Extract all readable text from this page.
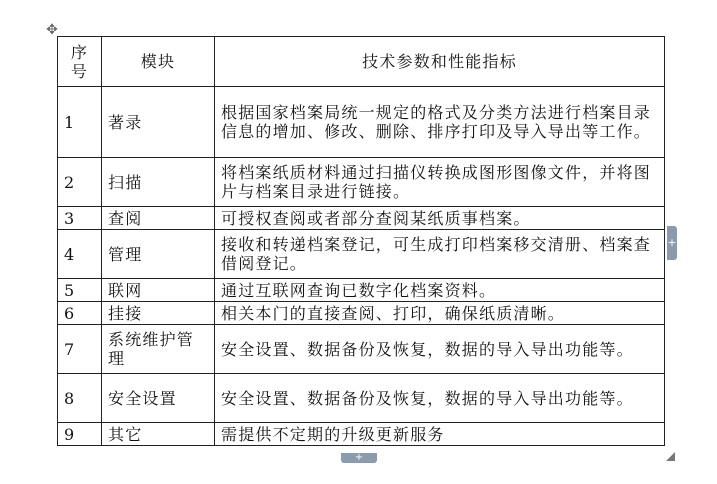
✥
序号	模块	技术参数和性能指标
1	著录	根据国家档案局统一规定的格式及分类方法进行档案目录信息的增加、修改、删除、排序打印及导入导出等工作。
2	扫描	将档案纸质材料通过扫描仪转换成图形图像文件，并将图片与档案目录进行链接。
3	查阅	可授权查阅或者部分查阅某纸质事档案。
4	管理	接收和转递档案登记，可生成打印档案移交清册、档案查借阅登记。
5	联网	通过互联网查询已数字化档案资料。
6	挂接	相关本门的直接查阅、打印，确保纸质清晰。
7	系统维护管理	安全设置、数据备份及恢复，数据的导入导出功能等。
8	安全设置	安全设置、数据备份及恢复，数据的导入导出功能等。
9	其它	需提供不定期的升级更新服务
+
+
